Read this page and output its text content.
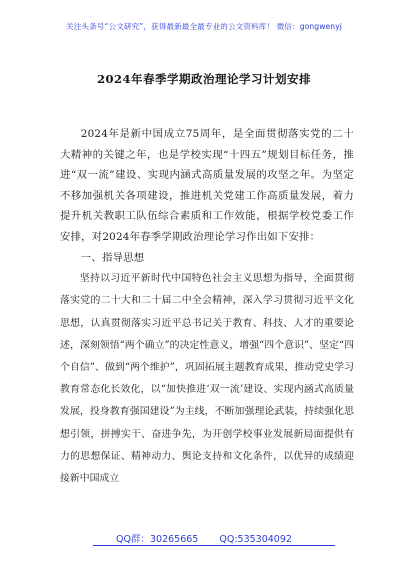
关注头条号“公文研究”，获得最新最全最专业的公文资料库！ 微信：gongwenyj
2024年春季学期政治理论学习计划安排

2024年是新中国成立75周年，是全面贯彻落实党的二十大精神的关键之年，也是学校实现“十四五”规划目标任务，推进“双一流”建设、实现内涵式高质量发展的攻坚之年。为坚定不移加强机关各项建设，推进机关党建工作高质量发展，着力提升机关教职工队伍综合素质和工作效能，根据学校党委工作安排，对2024年春季学期政治理论学习作出如下安排：

一、指导思想

坚持以习近平新时代中国特色社会主义思想为指导，全面贯彻落实党的二十大和二十届二中全会精神，深入学习贯彻习近平文化思想，认真贯彻落实习近平总书记关于教育、科技、人才的重要论述，深刻领悟“两个确立”的决定性意义，增强“四个意识”、坚定“四个自信”、做到“两个维护”，巩固拓展主题教育成果，推动党史学习教育常态化长效化，以“加快推进‘双一流’建设、实现内涵式高质量发展，投身教育强国建设”为主线，不断加强理论武装，持续强化思想引领，拼搏实干、奋进争先，为开创学校事业发展新局面提供有力的思想保证、精神动力、舆论支持和文化条件，以优异的成绩迎接新中国成立

QQ群：30265665 QQ:535304092
